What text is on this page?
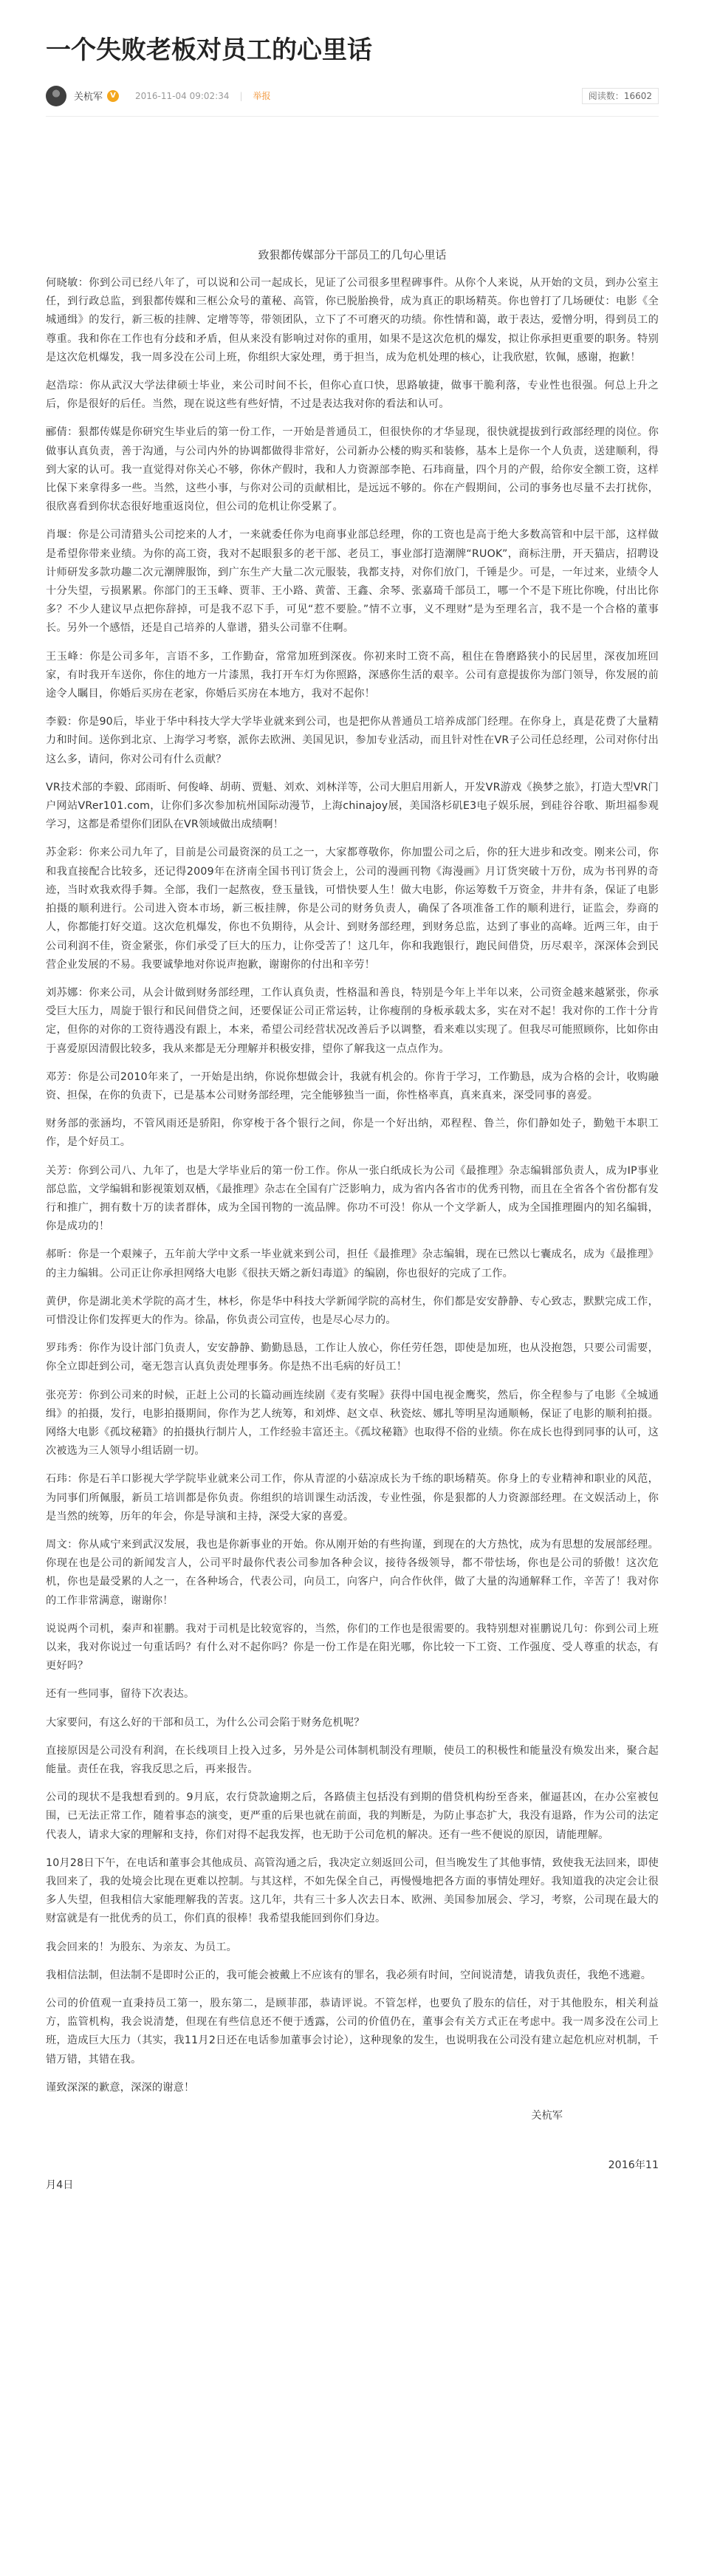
一个失败老板对员工的心里话
关杭军	V	2016-11-04 09:02:34 | 举报	阅读数：16602
致狠都传媒部分干部员工的几句心里话

何晓敏：你到公司已经八年了，可以说和公司一起成长，见证了公司很多里程碑事件。从你个人来说，从开始的文员，到办公室主任，到行政总监，到狠都传媒和三框公众号的董秘、高管，你已脱胎换骨，成为真正的职场精英。你也曾打了几场硬仗：电影《全城通缉》的发行，新三板的挂牌、定增等等，带领团队，立下了不可磨灭的功绩。你性情和蔼，敢于表达，爱憎分明，得到员工的尊重。我和你在工作也有分歧和矛盾，但从来没有影响过对你的重用，如果不是这次危机的爆发，拟让你承担更重要的职务。特别是这次危机爆发，我一周多没在公司上班，你组织大家处理，勇于担当，成为危机处理的核心，让我欣慰，钦佩，感谢，抱歉！

赵浩琮：你从武汉大学法律硕士毕业，来公司时间不长，但你心直口快，思路敏捷，做事干脆利落，专业性也很强。何总上升之后，你是很好的后任。当然，现在说这些有些好情，不过是表达我对你的看法和认可。

郦倩：狠都传媒是你研究生毕业后的第一份工作，一开始是普通员工，但很快你的才华显现，很快就提拔到行政部经理的岗位。你做事认真负责，善于沟通，与公司内外的协调都做得非常好，公司新办公楼的购买和装修，基本上是你一个人负责，送建顺利，得到大家的认可。我一直觉得对你关心不够，你休产假时，我和人力资源部李艳、石玮商量，四个月的产假，给你安全额工资，这样比保下来拿得多一些。当然，这些小事，与你对公司的贡献相比，是远远不够的。你在产假期间，公司的事务也尽量不去打扰你，很欣喜看到你状态很好地重返岗位，但公司的危机让你受累了。

肖堰：你是公司清猎头公司挖来的人才，一来就委任你为电商事业部总经理，你的工资也是高于绝大多数高管和中层干部，这样做是希望你带来业绩。为你的高工资，我对不起眼狠多的老干部、老员工，事业部打造潮牌“RUOK”，商标注册，开天猫店，招聘设计师研发多款功趣二次元潮牌服饰，到广东生产大量二次元服装，我都支持，对你们放门，千锤是少。可是，一年过来，业绩令人十分失望，亏损累累。你部门的王玉峰、贾菲、王小路、黄蕾、王鑫、余琴、张嘉琦千部员工，哪一个不是下班比你晚，付出比你多？不少人建议早点把你辞掉，可是我不忍下手，可见“惹不要脸。”情不立事，义不理财”是为至理名言，我不是一个合格的董事长。另外一个感悟，还是自己培养的人靠谱，猎头公司靠不住啊。

王玉峰：你是公司多年，言语不多，工作勤奋，常常加班到深夜。你初来时工资不高，租住在鲁磨路狭小的民居里，深夜加班回家，有时我开车送你，你住的地方一片漆黑，我打开车灯为你照路，深感你生活的艰辛。公司有意提拔你为部门领导，你发展的前途令人瞩目，你婚后买房在老家，你婚后买房在本地方，我对不起你！

李毅：你是90后，毕业于华中科技大学大学毕业就来到公司，也是把你从普通员工培养成部门经理。在你身上，真是花费了大量精力和时间。送你到北京、上海学习考察，派你去欧洲、美国见识，参加专业活动，而且针对性在VR子公司任总经理，公司对你付出这么多，请问，你对公司有什么贡献？

VR技术部的李毅、邱雨昕、何俊峰、胡萌、贾魁、刘欢、刘林洋等，公司大胆启用新人，开发VR游戏《换梦之旅》，打造大型VR门户网站VRer101.com，让你们多次参加杭州国际动漫节，上海chinajoy展，美国洛杉矶E3电子娱乐展，到硅谷谷歌、斯坦福参观学习，这都是希望你们团队在VR领域做出成绩啊！

苏金彩：你来公司九年了，目前是公司最资深的员工之一，大家都尊敬你，你加盟公司之后，你的狂大进步和改变。刚来公司，你和我直接配合比较多，还记得2009年在济南全国书刊订货会上，公司的漫画刊物《海漫画》月订货突破十万份，成为书刊界的奇迹，当时欢我欢得手舞。全部，我们一起熬夜，登玉量钱，可惜快要人生！做大电影，你运筹数千万资金，井井有条，保证了电影拍摄的顺利进行。公司进入资本市场，新三板挂牌，你是公司的财务负责人，确保了各项准备工作的顺利进行，证监会，券商的人，你都能打好交道。这次危机爆发，你也不负期待，从会计、到财务部经理，到财务总监，达到了事业的高峰。近两三年，由于公司利润不佳，资金紧张，你们承受了巨大的压力，让你受苦了！这几年，你和我跑银行，跑民间借贷，历尽艰辛，深深体会到民营企业发展的不易。我要诚挚地对你说声抱歉，谢谢你的付出和辛劳！

刘苏娜：你来公司，从会计做到财务部经理，工作认真负责，性格温和善良，特别是今年上半年以来，公司资金越来越紧张，你承受巨大压力，周旋于银行和民间借贷之间，还要保证公司正常运转，让你瘦削的身板承载太多，实在对不起！我对你的工作十分肯定，但你的对你的工资待遇没有跟上，本来，希望公司经营状况改善后予以调整，看来难以实现了。但我尽可能照顾你，比如你由于喜爱原因清假比较多，我从来都是无分理解并积极安排，望你了解我这一点点作为。

邓芳：你是公司2010年来了，一开始是出纳，你说你想做会计，我就有机会的。你肯于学习，工作勤恳，成为合格的会计，收购融资、担保，在你的负责下，已是基本公司财务部经理，完全能够独当一面，你性格率真，真来真来，深受同事的喜爱。

财务部的张涵均，不管风雨还是骄阳，你穿梭于各个银行之间，你是一个好出纳，邓程程、鲁兰，你们静如处子，勤勉干本职工作，是个好员工。

关芳：你到公司八、九年了，也是大学毕业后的第一份工作。你从一张白纸成长为公司《最推理》杂志编辑部负责人，成为IP事业部总监，文学编辑和影视策划双栖，《最推理》杂志在全国有广泛影响力，成为省内各省市的优秀刊物，而且在全省各个省份都有发行和推广，拥有数十万的读者群体，成为全国刊物的一流品牌。你功不可没！你从一个文学新人，成为全国推理圈内的知名编辑，你是成功的！

郝昕：你是一个艰辣子，五年前大学中文系一毕业就来到公司，担任《最推理》杂志编辑，现在已然以七囊成名，成为《最推理》的主力编辑。公司正让你承担网络大电影《很扶天婿之新妇毒道》的编剧，你也很好的完成了工作。

黄伊，你是湖北美术学院的高才生，林杉，你是华中科技大学新闻学院的高材生，你们都是安安静静、专心致志，默默完成工作，可惜没让你们发挥更大的作为。徐晶，你负责公司宣传，也是尽心尽力的。

罗玮秀：你作为设计部门负责人，安安静静、勤勤恳恳，工作让人放心，你任劳任怨，即使是加班，也从没抱怨，只要公司需要，你全立即赶到公司，毫无怨言认真负责处理事务。你是热不出毛病的好员工！

张亮芳：你到公司来的时候，正赶上公司的长篇动画连续剧《麦有奖喔》获得中国电视金鹰奖，然后，你全程参与了电影《全城通缉》的拍摄，发行，电影拍摄期间，你作为艺人统筹，和刘烨、赵文卓、秋瓷炫、娜扎等明星沟通顺畅，保证了电影的顺利拍摄。网络大电影《孤坟秘籍》的拍摄执行制片人，工作经验丰富还主。《孤坟秘籍》也取得不俗的业绩。你在成长也得到同事的认可，这次被选为三人领导小组话剧一切。

石玮：你是石羊口影视大学学院毕业就来公司工作，你从青涩的小菇凉成长为千练的职场精英。你身上的专业精神和职业的风范，为同事们所佩服，新员工培训都是你负责。你组织的培训课生动活泼，专业性强，你是狠都的人力资源部经理。在文娱活动上，你是当然的统筹，历年的年会，你是导演和主持，深受大家的喜爱。

周文：你从咸宁来到武汉发展，我也是你新事业的开始。你从刚开始的有些拘谨，到现在的大方热忱，成为有思想的发展部经理。你现在也是公司的新闻发言人，公司平时最你代表公司参加各种会议，接待各级领导，都不带怯场，你也是公司的骄傲！这次危机，你也是最受累的人之一，在各种场合，代表公司，向员工，向客户，向合作伙伴，做了大量的沟通解释工作，辛苦了！我对你的工作非常满意，谢谢你！

说说两个司机，秦声和崔鹏。我对于司机是比较宽容的，当然，你们的工作也是很需要的。我特别想对崔鹏说几句：你到公司上班以来，我对你说过一句重话吗？有什么对不起你吗？你是一份工作是在阳光哪，你比较一下工资、工作强度、受人尊重的状态，有更好吗？

还有一些同事，留待下次表达。

大家要问，有这么好的干部和员工，为什么公司会陷于财务危机呢？

直接原因是公司没有利润，在长线项目上投入过多，另外是公司体制机制没有理顺，使员工的积极性和能量没有焕发出来，聚合起能量。责任在我，容我反思之后，再来报告。

公司的现状不是我想看到的。9月底，农行贷款逾期之后，各路债主包括没有到期的借贷机构纷至沓来，催逼甚凶，在办公室被包围，已无法正常工作，随着事态的演变，更严重的后果也就在前面，我的判断是，为防止事态扩大，我没有退路，作为公司的法定代表人，请求大家的理解和支持，你们对得不起我发挥，也无助于公司危机的解决。还有一些不便说的原因，请能理解。

10月28日下午，在电话和董事会其他成员、高管沟通之后，我决定立刻返回公司，但当晚发生了其他事情，致使我无法回来，即使我回来了，我的处境会比现在更难以控制。与其这样，不如先保全自己，再慢慢地把各方面的事情处理好。我知道我的决定会让很多人失望，但我相信大家能理解我的苦衷。这几年，共有三十多人次去日本、欧洲、美国参加展会、学习，考察，公司现在最大的财富就是有一批优秀的员工，你们真的很棒！我希望我能回到你们身边。

我会回来的！为股东、为亲友、为员工。

我相信法制，但法制不是即时公正的，我可能会被戴上不应该有的罪名，我必须有时间，空间说清楚，请我负责任，我绝不逃避。

公司的价值观一直秉持员工第一，股东第二，是顾菲邵，恭请评说。不管怎样，也要负了股东的信任，对于其他股东，相关利益方，监管机构，我会说清楚，但现在有些信息还不便于透露，公司的价值仍在，董事会有关方式正在考虑中。我一周多没在公司上班，造成巨大压力（其实，我11月2日还在电话参加董事会讨论），这种现象的发生，也说明我在公司没有建立起危机应对机制，千错万错，其错在我。

谨致深深的歉意，深深的谢意！

关杭军
2016年11
月4日
